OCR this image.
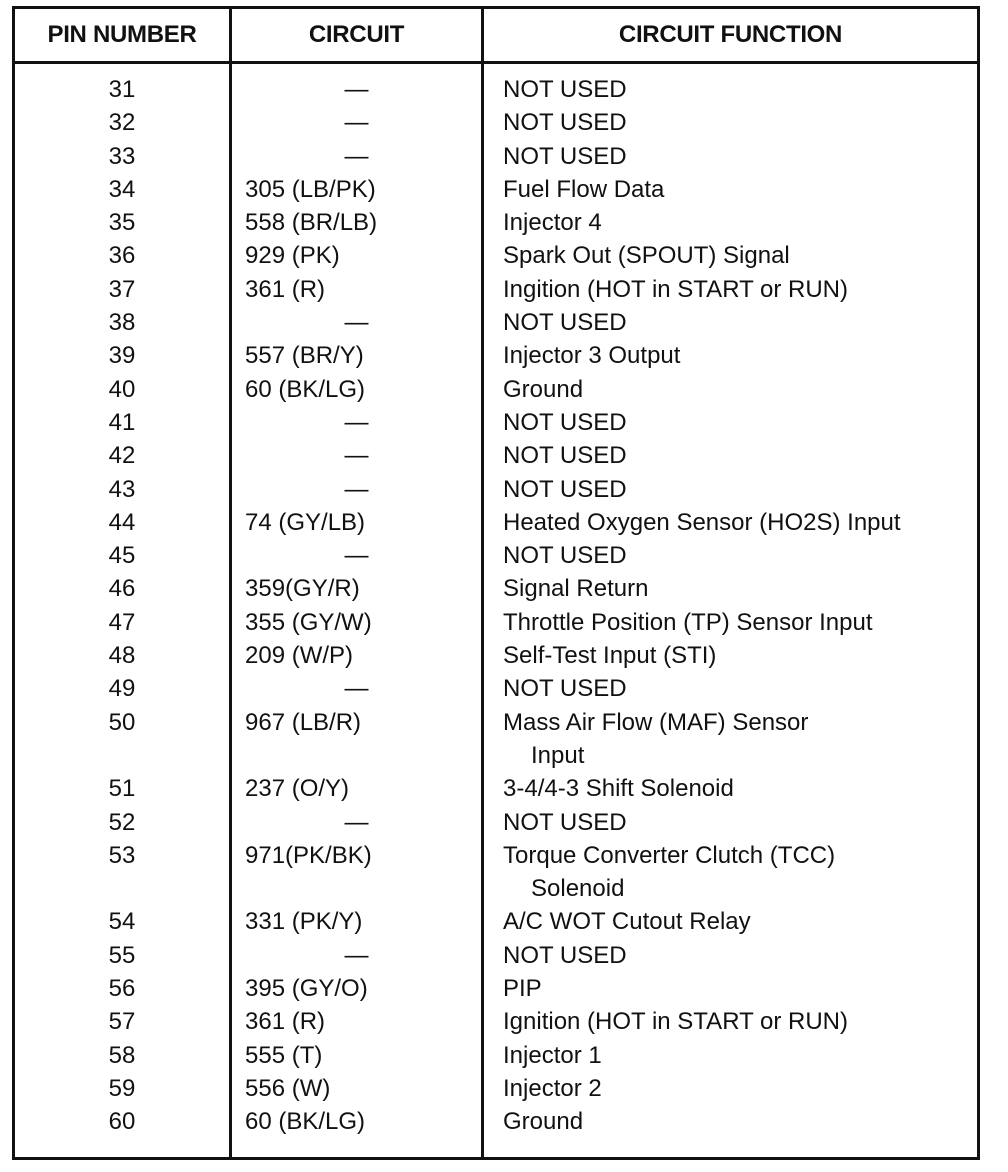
PIN NUMBER	CIRCUIT	CIRCUIT FUNCTION
31	—	NOT USED
32	—	NOT USED
33	—	NOT USED
34	305 (LB/PK)	Fuel Flow Data
35	558 (BR/LB)	Injector 4
36	929 (PK)	Spark Out (SPOUT) Signal
37	361 (R)	Ingition (HOT in START or RUN)
38	—	NOT USED
39	557 (BR/Y)	Injector 3 Output
40	60 (BK/LG)	Ground
41	—	NOT USED
42	—	NOT USED
43	—	NOT USED
44	74 (GY/LB)	Heated Oxygen Sensor (HO2S) Input
45	—	NOT USED
46	359(GY/R)	Signal Return
47	355 (GY/W)	Throttle Position (TP) Sensor Input
48	209 (W/P)	Self-Test Input (STI)
49	—	NOT USED
50	967 (LB/R)	Mass Air Flow (MAF) Sensor
Input
51	237 (O/Y)	3-4/4-3 Shift Solenoid
52	—	NOT USED
53	971(PK/BK)	Torque Converter Clutch (TCC)
Solenoid
54	331 (PK/Y)	A/C WOT Cutout Relay
55	—	NOT USED
56	395 (GY/O)	PIP
57	361 (R)	Ignition (HOT in START or RUN)
58	555 (T)	Injector 1
59	556 (W)	Injector 2
60	60 (BK/LG)	Ground
